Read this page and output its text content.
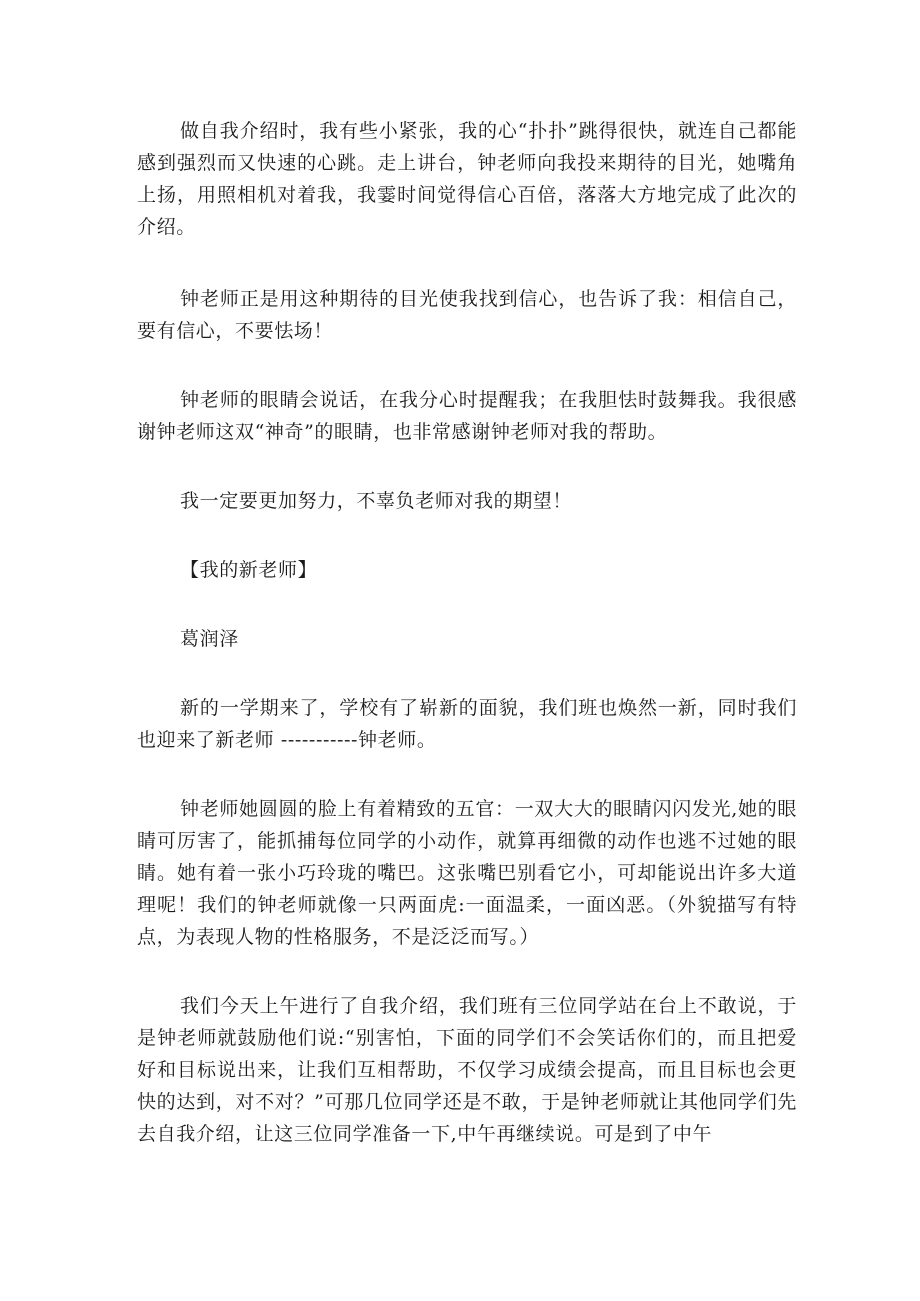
做自我介绍时，我有些小紧张，我的心“扑扑”跳得很快，就连自己都能感到强烈而又快速的心跳。走上讲台，钟老师向我投来期待的目光，她嘴角上扬，用照相机对着我，我霎时间觉得信心百倍，落落大方地完成了此次的介绍。

钟老师正是用这种期待的目光使我找到信心，也告诉了我：相信自己，要有信心，不要怯场！

钟老师的眼睛会说话，在我分心时提醒我；在我胆怯时鼓舞我。我很感谢钟老师这双“神奇”的眼睛，也非常感谢钟老师对我的帮助。

我一定要更加努力，不辜负老师对我的期望！

【我的新老师】

葛润泽

新的一学期来了，学校有了崭新的面貌，我们班也焕然一新，同时我们也迎来了新老师 -----------钟老师。

钟老师她圆圆的脸上有着精致的五官：一双大大的眼睛闪闪发光,她的眼睛可厉害了，能抓捕每位同学的小动作，就算再细微的动作也逃不过她的眼睛。她有着一张小巧玲珑的嘴巴。这张嘴巴别看它小，可却能说出许多大道理呢！我们的钟老师就像一只两面虎:一面温柔，一面凶恶。（外貌描写有特点，为表现人物的性格服务，不是泛泛而写。）

我们今天上午进行了自我介绍，我们班有三位同学站在台上不敢说，于是钟老师就鼓励他们说:“别害怕，下面的同学们不会笑话你们的，而且把爱好和目标说出来，让我们互相帮助，不仅学习成绩会提高，而且目标也会更快的达到，对不对？”可那几位同学还是不敢，于是钟老师就让其他同学们先去自我介绍，让这三位同学准备一下,中午再继续说。可是到了中午
